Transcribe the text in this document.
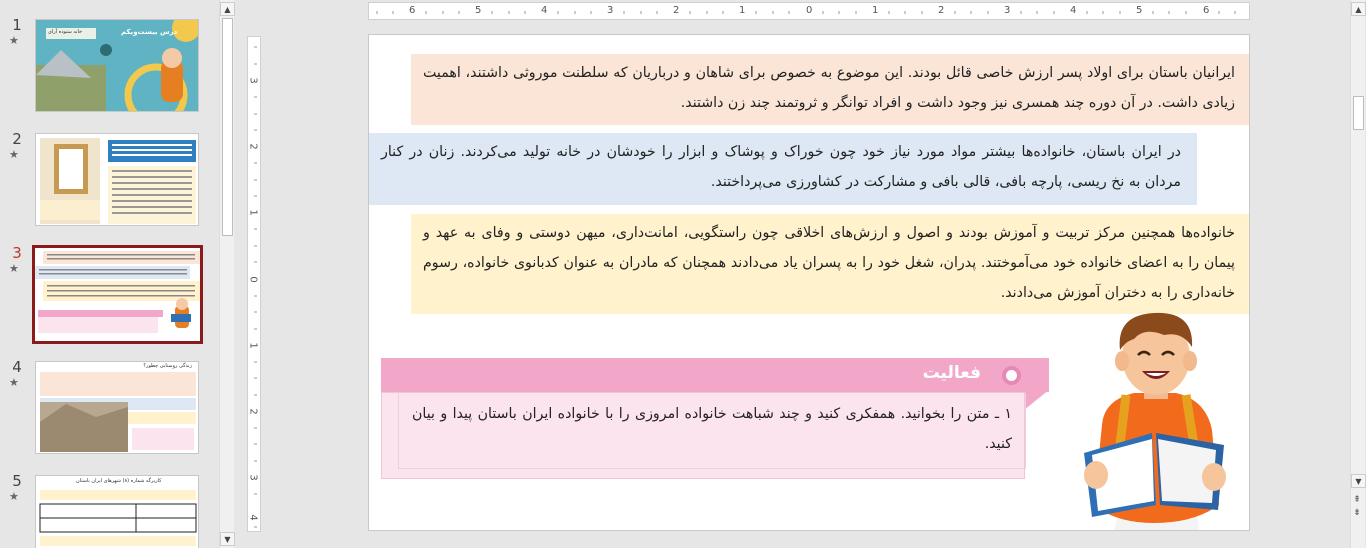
1
★
درس بیست‌ویکم
خانه ستوده آرای
2
★
3
★
4
★
زندگی روستایی چطور؟
5
★
کاربرگه شماره (۸) شهرهای ایران باستان
▲
▼
6	5	4	3	2	1	0	1	2	3	4	5	6
3
2
1
0
1
2
3
4
ایرانیان باستان برای اولاد پسر ارزش خاصی قائل بودند. این موضوع به خصوص برای شاهان و درباریان که سلطنت موروثی داشتند، اهمیت زیادی داشت. در آن دوره چند همسری نیز وجود داشت و افراد توانگر و ثروتمند چند زن داشتند.
در ایران باستان، خانواده‌ها بیشتر مواد مورد نیاز خود چون خوراک و پوشاک و ابزار را خودشان در خانه تولید می‌کردند. زنان در کنار مردان به نخ ریسی، پارچه بافی، قالی بافی و مشارکت در کشاورزی می‌پرداختند.
خانواده‌ها همچنین مرکز تربیت و آموزش بودند و اصول و ارزش‌های اخلاقی چون راستگویی، امانت‌داری، میهن دوستی و وفای به عهد و پیمان را به اعضای خانواده خود می‌آموختند. پدران، شغل خود را به پسران یاد می‌دادند همچنان که مادران به عنوان کدبانوی خانواده، رسوم خانه‌داری را به دختران آموزش می‌دادند.
فعالیت
۱ ـ متن را بخوانید. همفکری کنید و چند شباهت خانواده امروزی را با خانواده ایران باستان پیدا و بیان کنید.
▲
▼
⇞
⇟
